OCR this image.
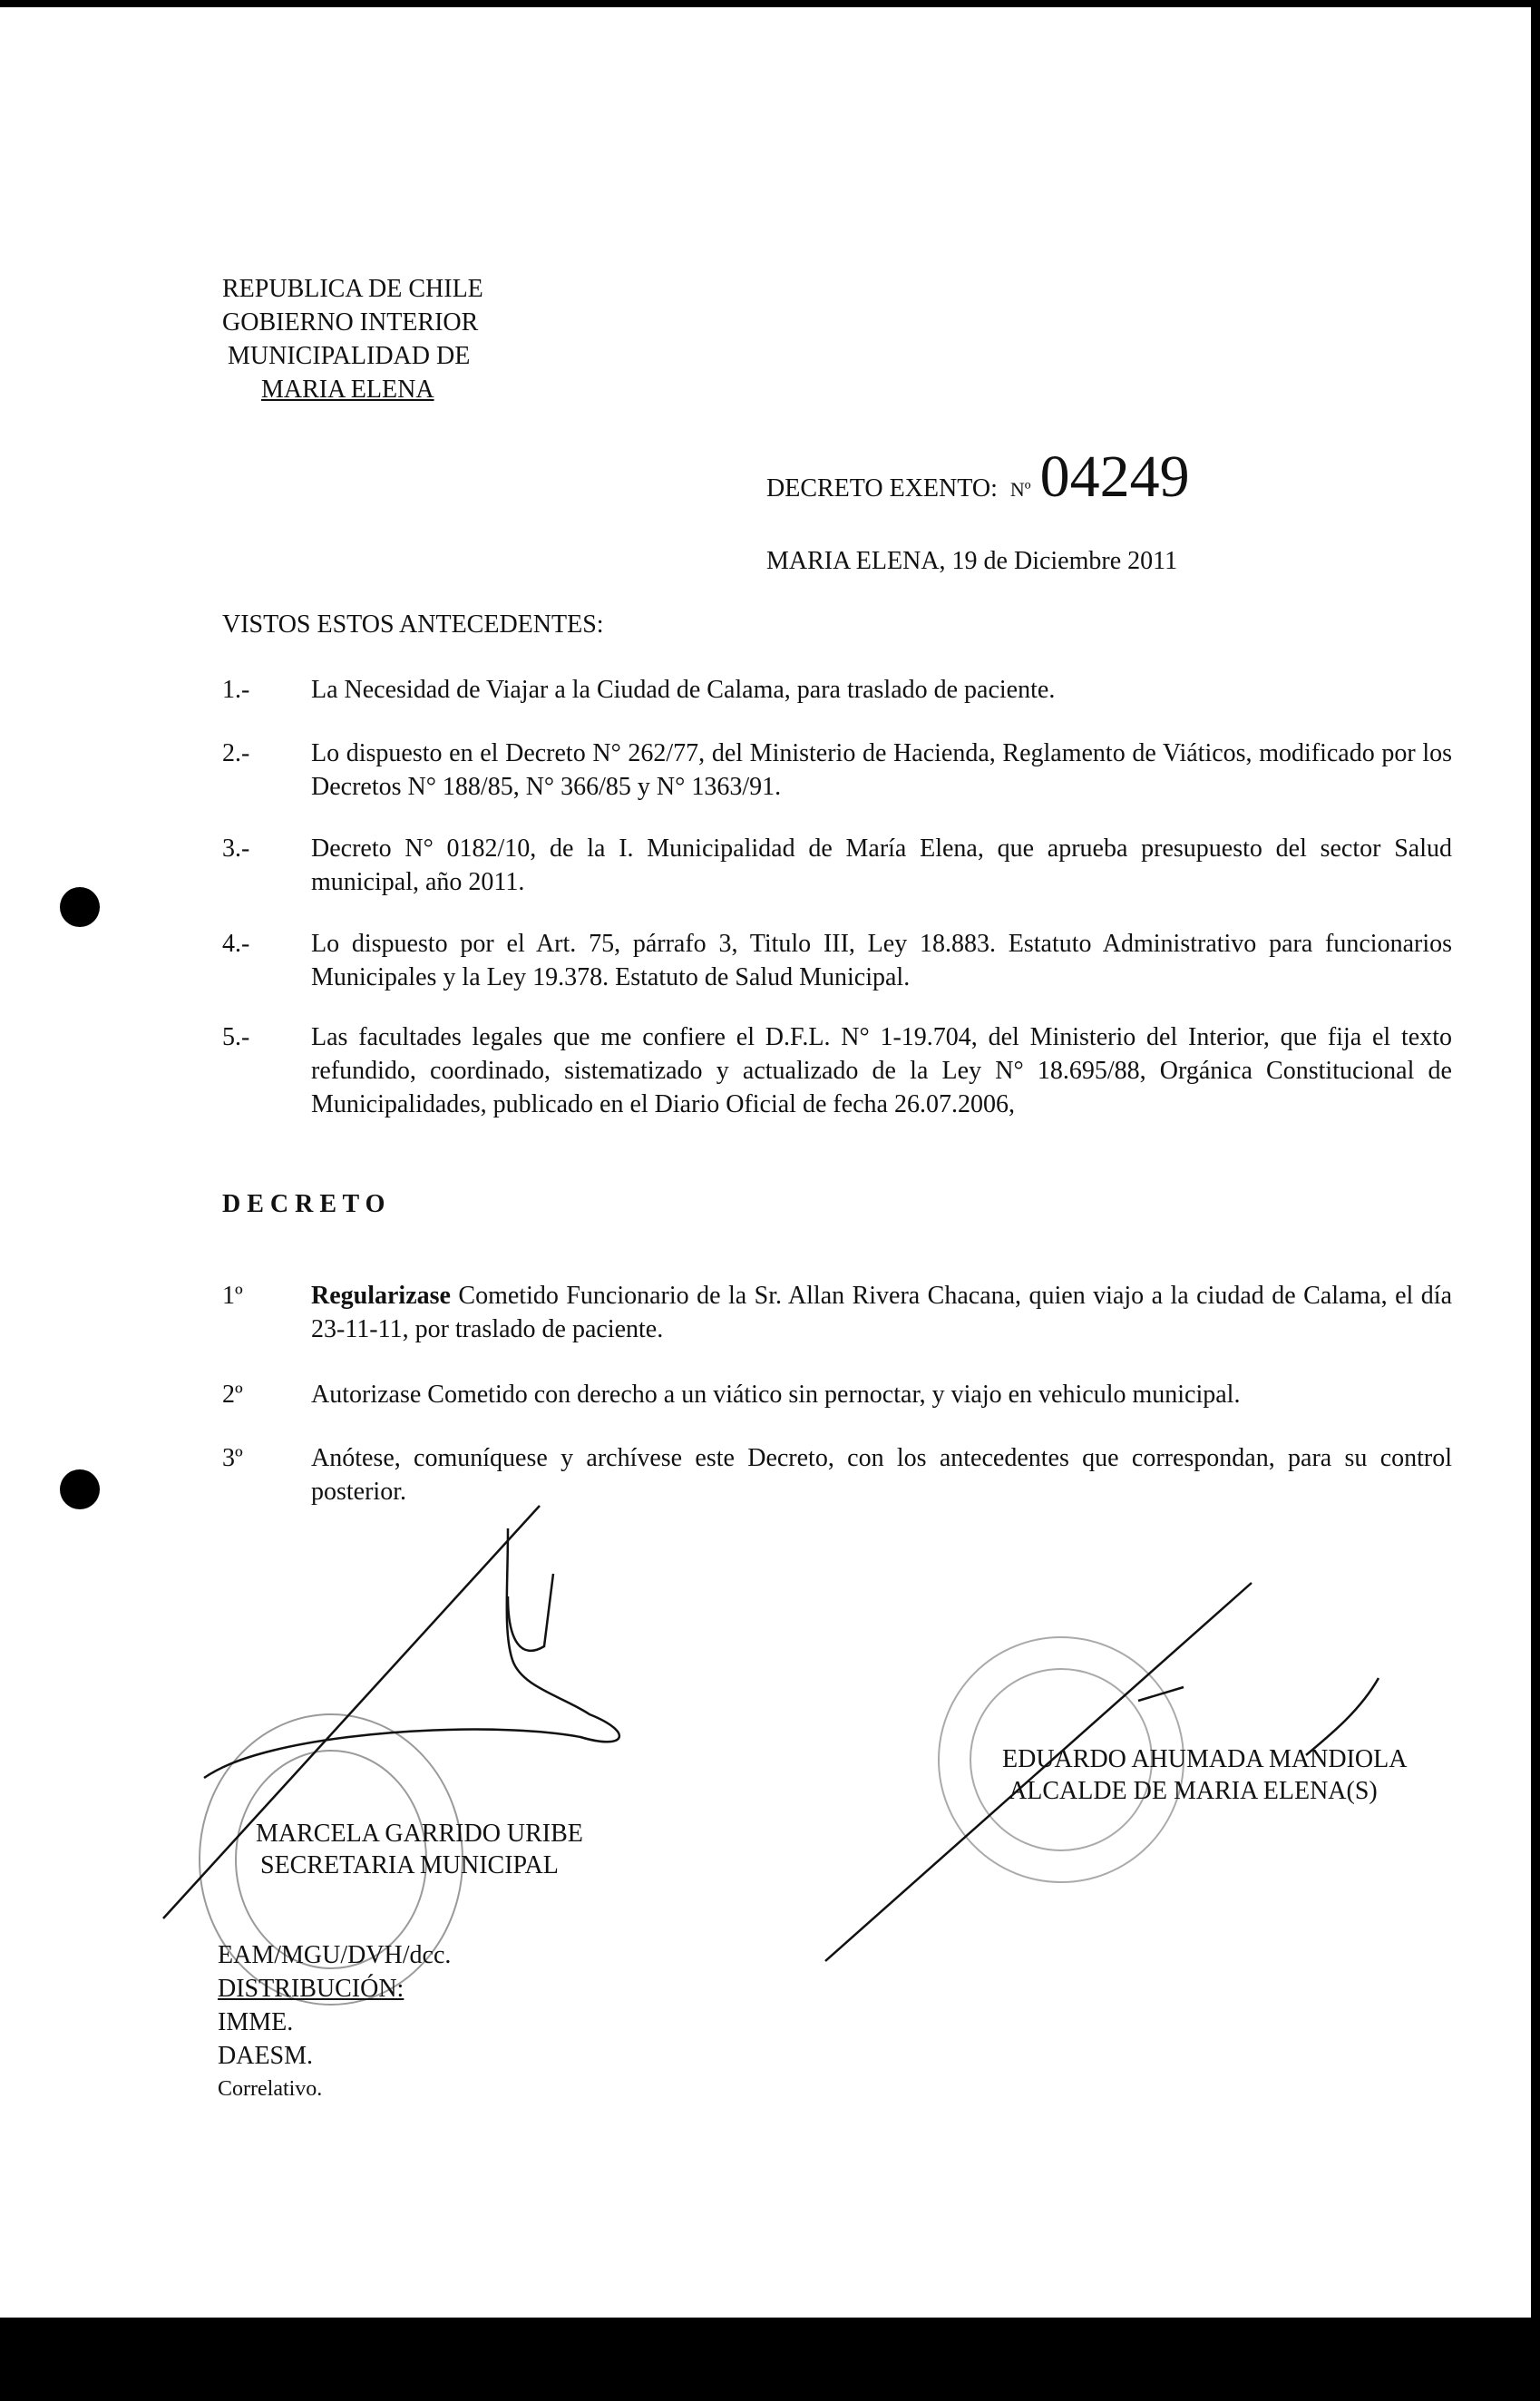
REPUBLICA DE CHILE
GOBIERNO INTERIOR
MUNICIPALIDAD DE
MARIA ELENA
DECRETO EXENTO: Nº 04249
MARIA ELENA, 19 de Diciembre 2011
VISTOS ESTOS ANTECEDENTES:
1.- La Necesidad de Viajar a la Ciudad de Calama, para traslado de paciente.
2.- Lo dispuesto en el Decreto N° 262/77, del Ministerio de Hacienda, Reglamento de Viáticos, modificado por los Decretos N° 188/85, N° 366/85 y N° 1363/91.
3.- Decreto N° 0182/10, de la I. Municipalidad de María Elena, que aprueba presupuesto del sector Salud municipal, año 2011.
4.- Lo dispuesto por el Art. 75, párrafo 3, Titulo III, Ley 18.883. Estatuto Administrativo para funcionarios Municipales y la Ley 19.378. Estatuto de Salud Municipal.
5.- Las facultades legales que me confiere el D.F.L. N° 1-19.704, del Ministerio del Interior, que fija el texto refundido, coordinado, sistematizado y actualizado de la Ley N° 18.695/88, Orgánica Constitucional de Municipalidades, publicado en el Diario Oficial de fecha 26.07.2006,
D E C R E T O
1º	Regularizase Cometido Funcionario de la Sr. Allan Rivera Chacana, quien viajo a la ciudad de Calama, el día 23-11-11, por traslado de paciente.
2º	Autorizase Cometido con derecho a un viático sin pernoctar, y viajo en vehiculo municipal.
3º	Anótese, comuníquese y archívese este Decreto, con los antecedentes que correspondan, para su control posterior.
EDUARDO AHUMADA MANDIOLA
ALCALDE DE MARIA ELENA(S)
MARCELA GARRIDO URIBE
SECRETARIA MUNICIPAL
EAM/MGU/DVH/dcc.
DISTRIBUCIÓN:
IMME.
DAESM.
Correlativo.
